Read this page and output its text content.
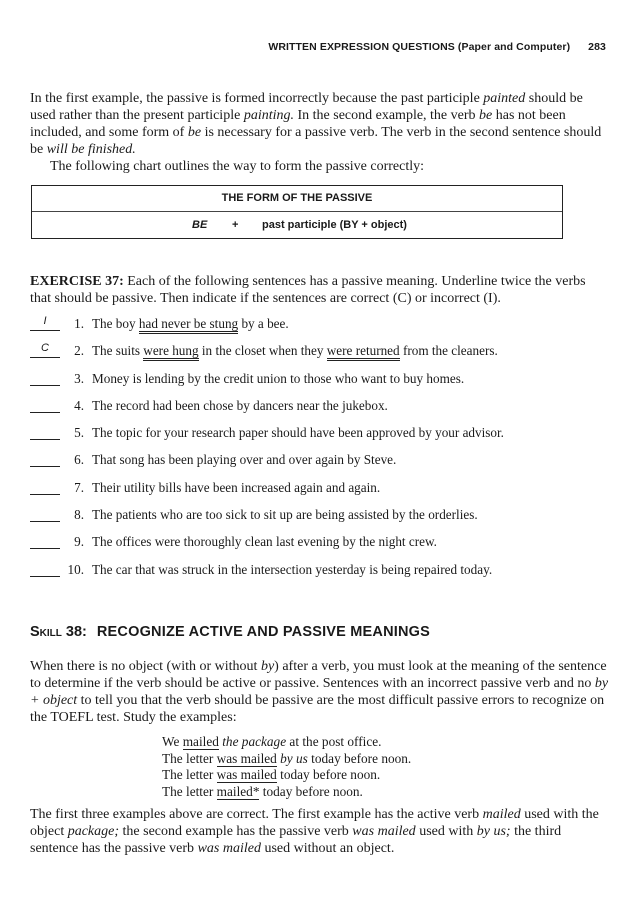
WRITTEN EXPRESSION QUESTIONS (Paper and Computer) 283
In the first example, the passive is formed incorrectly because the past participle painted should be used rather than the present participle painting. In the second example, the verb be has not been included, and some form of be is necessary for a passive verb. The verb in the second sentence should be will be finished.
The following chart outlines the way to form the passive correctly:
THE FORM OF THE PASSIVE
BE + past participle (BY + object)
EXERCISE 37: Each of the following sentences has a passive meaning. Underline twice the verbs that should be passive. Then indicate if the sentences are correct (C) or incorrect (I).
I	1. The boy had never be stung by a bee.
C	2. The suits were hung in the closet when they were returned from the cleaners.
3. Money is lending by the credit union to those who want to buy homes.
4. The record had been chose by dancers near the jukebox.
5. The topic for your research paper should have been approved by your advisor.
6. That song has been playing over and over again by Steve.
7. Their utility bills have been increased again and again.
8. The patients who are too sick to sit up are being assisted by the orderlies.
9. The offices were thoroughly clean last evening by the night crew.
10. The car that was struck in the intersection yesterday is being repaired today.
Skill 38: RECOGNIZE ACTIVE AND PASSIVE MEANINGS
When there is no object (with or without by) after a verb, you must look at the meaning of the sentence to determine if the verb should be active or passive. Sentences with an incorrect passive verb and no by + object to tell you that the verb should be passive are the most difficult passive errors to recognize on the TOEFL test. Study the examples:
We mailed the package at the post office.
The letter was mailed by us today before noon.
The letter was mailed today before noon.
The letter mailed* today before noon.
The first three examples above are correct. The first example has the active verb mailed used with the object package; the second example has the passive verb was mailed used with by us; the third sentence has the passive verb was mailed used without an object.
